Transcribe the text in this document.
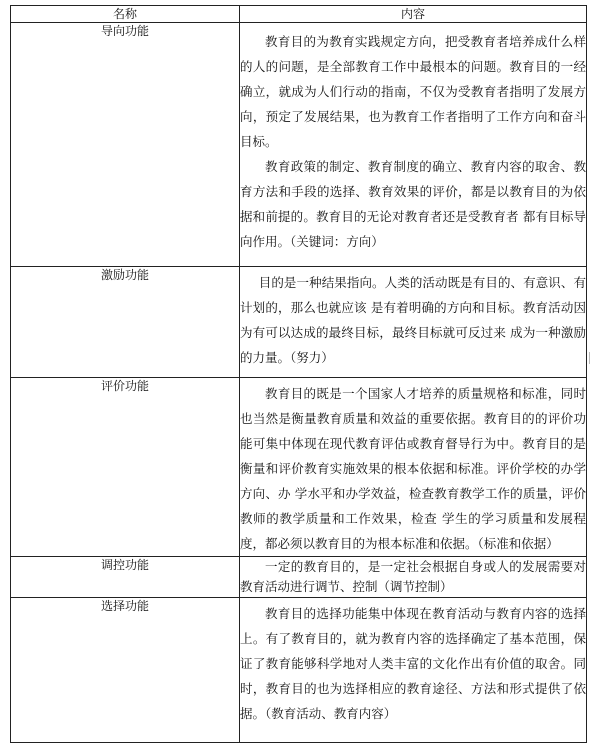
名称	内容
导向功能	教育目的为教育实践规定方向，把受教育者培养成什么样的人的问题，是全部教育工作中最根本的问题。教育目的一经确立，就成为人们行动的指南，不仅为受教育者指明了发展方向，预定了发展结果，也为教育工作者指明了工作方向和奋斗目标。

教育政策的制定、教育制度的确立、教育内容的取舍、教育方法和手段的选择、教育效果的评价，都是以教育目的为依据和前提的。教育目的无论对教育者还是受教育者 都有目标导向作用。（关键词：方向）

激励功能	目的是一种结果指向。人类的活动既是有目的、有意识、有计划的，那么也就应该 是有着明确的方向和目标。教育活动因为有可以达成的最终目标，最终目标就可反过来 成为一种激励的力量。（努力）

评价功能	教育目的既是一个国家人才培养的质量规格和标准，同时也当然是衡量教育质量和效益的重要依据。教育目的的评价功能可集中体现在现代教育评估或教育督导行为中。教育目的是衡量和评价教育实施效果的根本依据和标准。评价学校的办学方向、办 学水平和办学效益，检查教育教学工作的质量，评价教师的教学质量和工作效果，检查 学生的学习质量和发展程度，都必须以教育目的为根本标准和依据。（标准和依据）

调控功能	一定的教育目的，是一定社会根据自身或人的发展需要对教育活动进行调节、控制（调节控制）

选择功能	教育目的选择功能集中体现在教育活动与教育内容的选择上。有了教育目的，就为教育内容的选择确定了基本范围，保证了教育能够科学地对人类丰富的文化作出有价值的取舍。同时，教育目的也为选择相应的教育途径、方法和形式提供了依据。（教育活动、教育内容）
